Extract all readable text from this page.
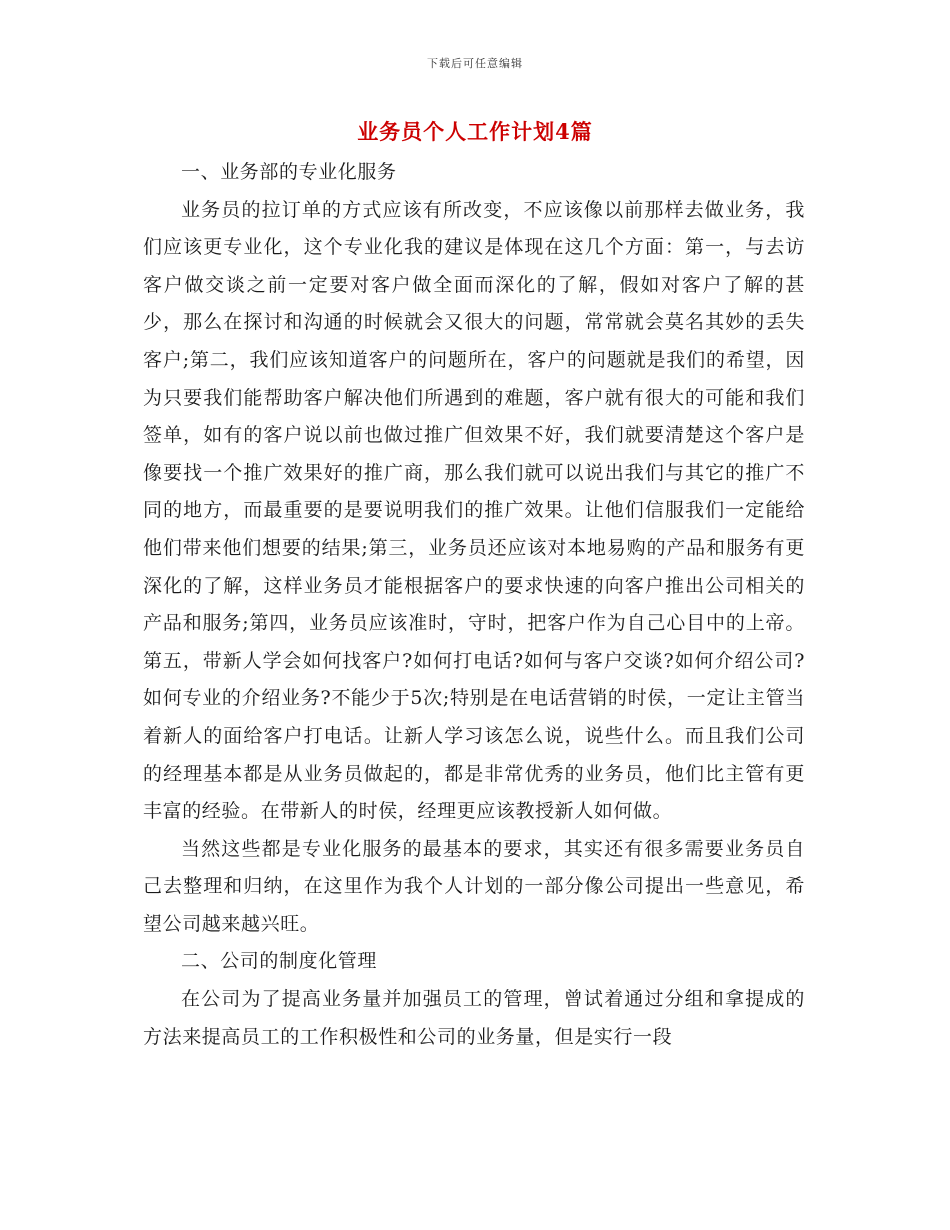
下载后可任意编辑
业务员个人工作计划4篇

一、业务部的专业化服务

业务员的拉订单的方式应该有所改变，不应该像以前那样去做业务，我们应该更专业化，这个专业化我的建议是体现在这几个方面：第一，与去访客户做交谈之前一定要对客户做全面而深化的了解，假如对客户了解的甚少，那么在探讨和沟通的时候就会又很大的问题，常常就会莫名其妙的丢失客户;第二，我们应该知道客户的问题所在，客户的问题就是我们的希望，因为只要我们能帮助客户解决他们所遇到的难题，客户就有很大的可能和我们签单，如有的客户说以前也做过推广但效果不好，我们就要清楚这个客户是像要找一个推广效果好的推广商，那么我们就可以说出我们与其它的推广不同的地方，而最重要的是要说明我们的推广效果。让他们信服我们一定能给他们带来他们想要的结果;第三，业务员还应该对本地易购的产品和服务有更深化的了解，这样业务员才能根据客户的要求快速的向客户推出公司相关的产品和服务;第四，业务员应该准时，守时，把客户作为自己心目中的上帝。第五，带新人学会如何找客户?如何打电话?如何与客户交谈?如何介绍公司?如何专业的介绍业务?不能少于5次;特别是在电话营销的时侯，一定让主管当着新人的面给客户打电话。让新人学习该怎么说，说些什么。而且我们公司的经理基本都是从业务员做起的，都是非常优秀的业务员，他们比主管有更丰富的经验。在带新人的时侯，经理更应该教授新人如何做。

当然这些都是专业化服务的最基本的要求，其实还有很多需要业务员自己去整理和归纳，在这里作为我个人计划的一部分像公司提出一些意见，希望公司越来越兴旺。

二、公司的制度化管理

在公司为了提高业务量并加强员工的管理，曾试着通过分组和拿提成的方法来提高员工的工作积极性和公司的业务量，但是实行一段
